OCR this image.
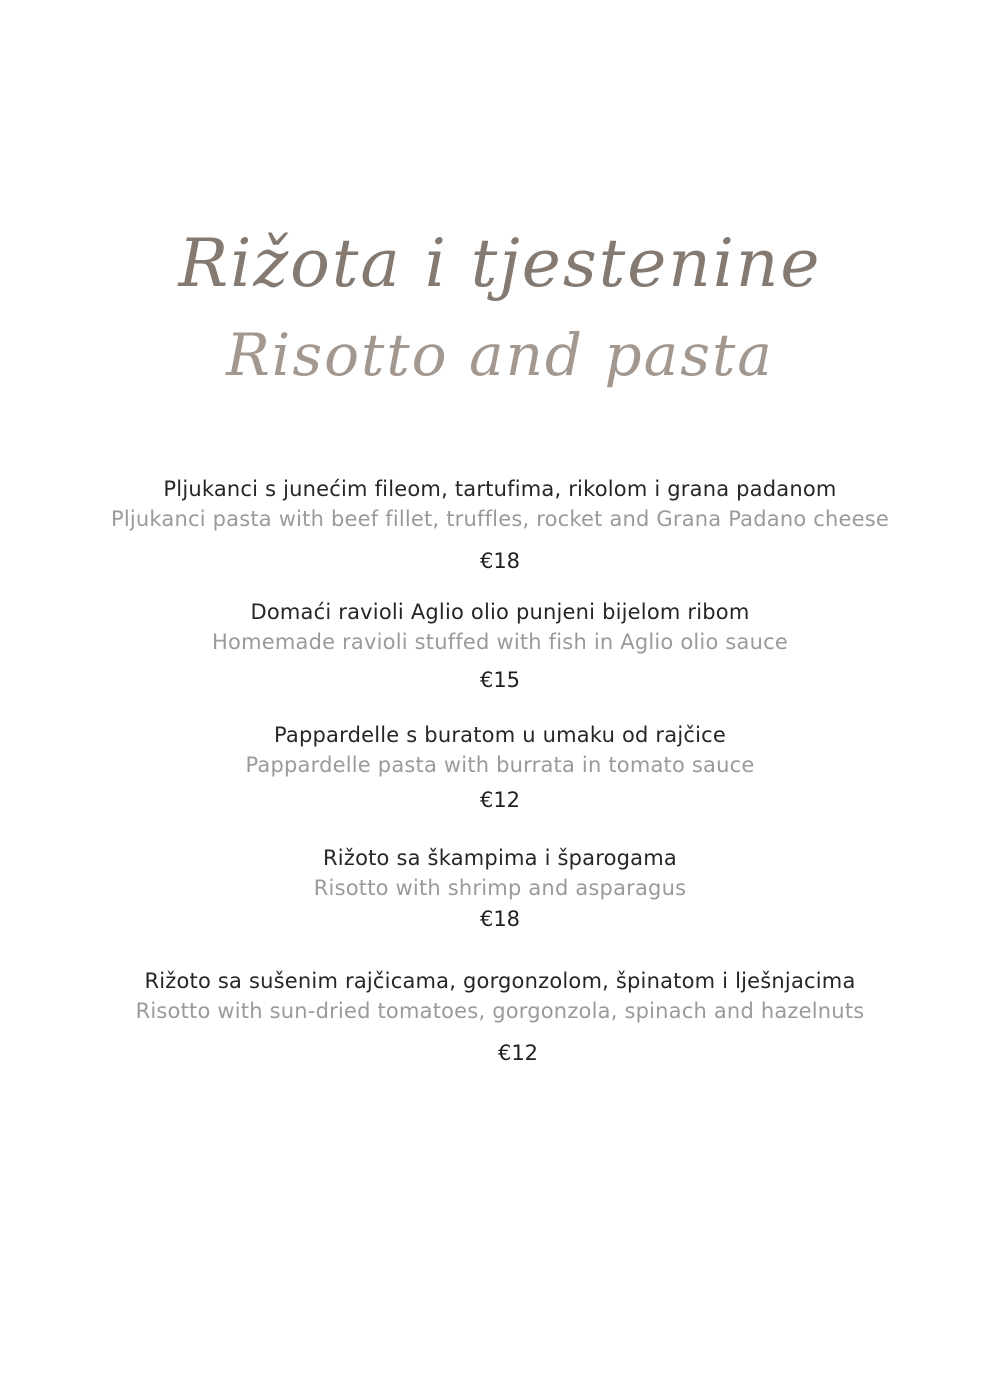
Rižota i tjestenine
Risotto and pasta
Pljukanci s junećim fileom, tartufima, rikolom i grana padanom
Pljukanci pasta with beef fillet, truffles, rocket and Grana Padano cheese
€18
Domaći ravioli Aglio olio punjeni bijelom ribom
Homemade ravioli stuffed with fish in Aglio olio sauce
€15
Pappardelle s buratom u umaku od rajčice
Pappardelle pasta with burrata in tomato sauce
€12
Rižoto sa škampima i šparogama
Risotto with shrimp and asparagus
€18
Rižoto sa sušenim rajčicama, gorgonzolom, špinatom i lješnjacima
Risotto with sun-dried tomatoes, gorgonzola, spinach and hazelnuts
€12
